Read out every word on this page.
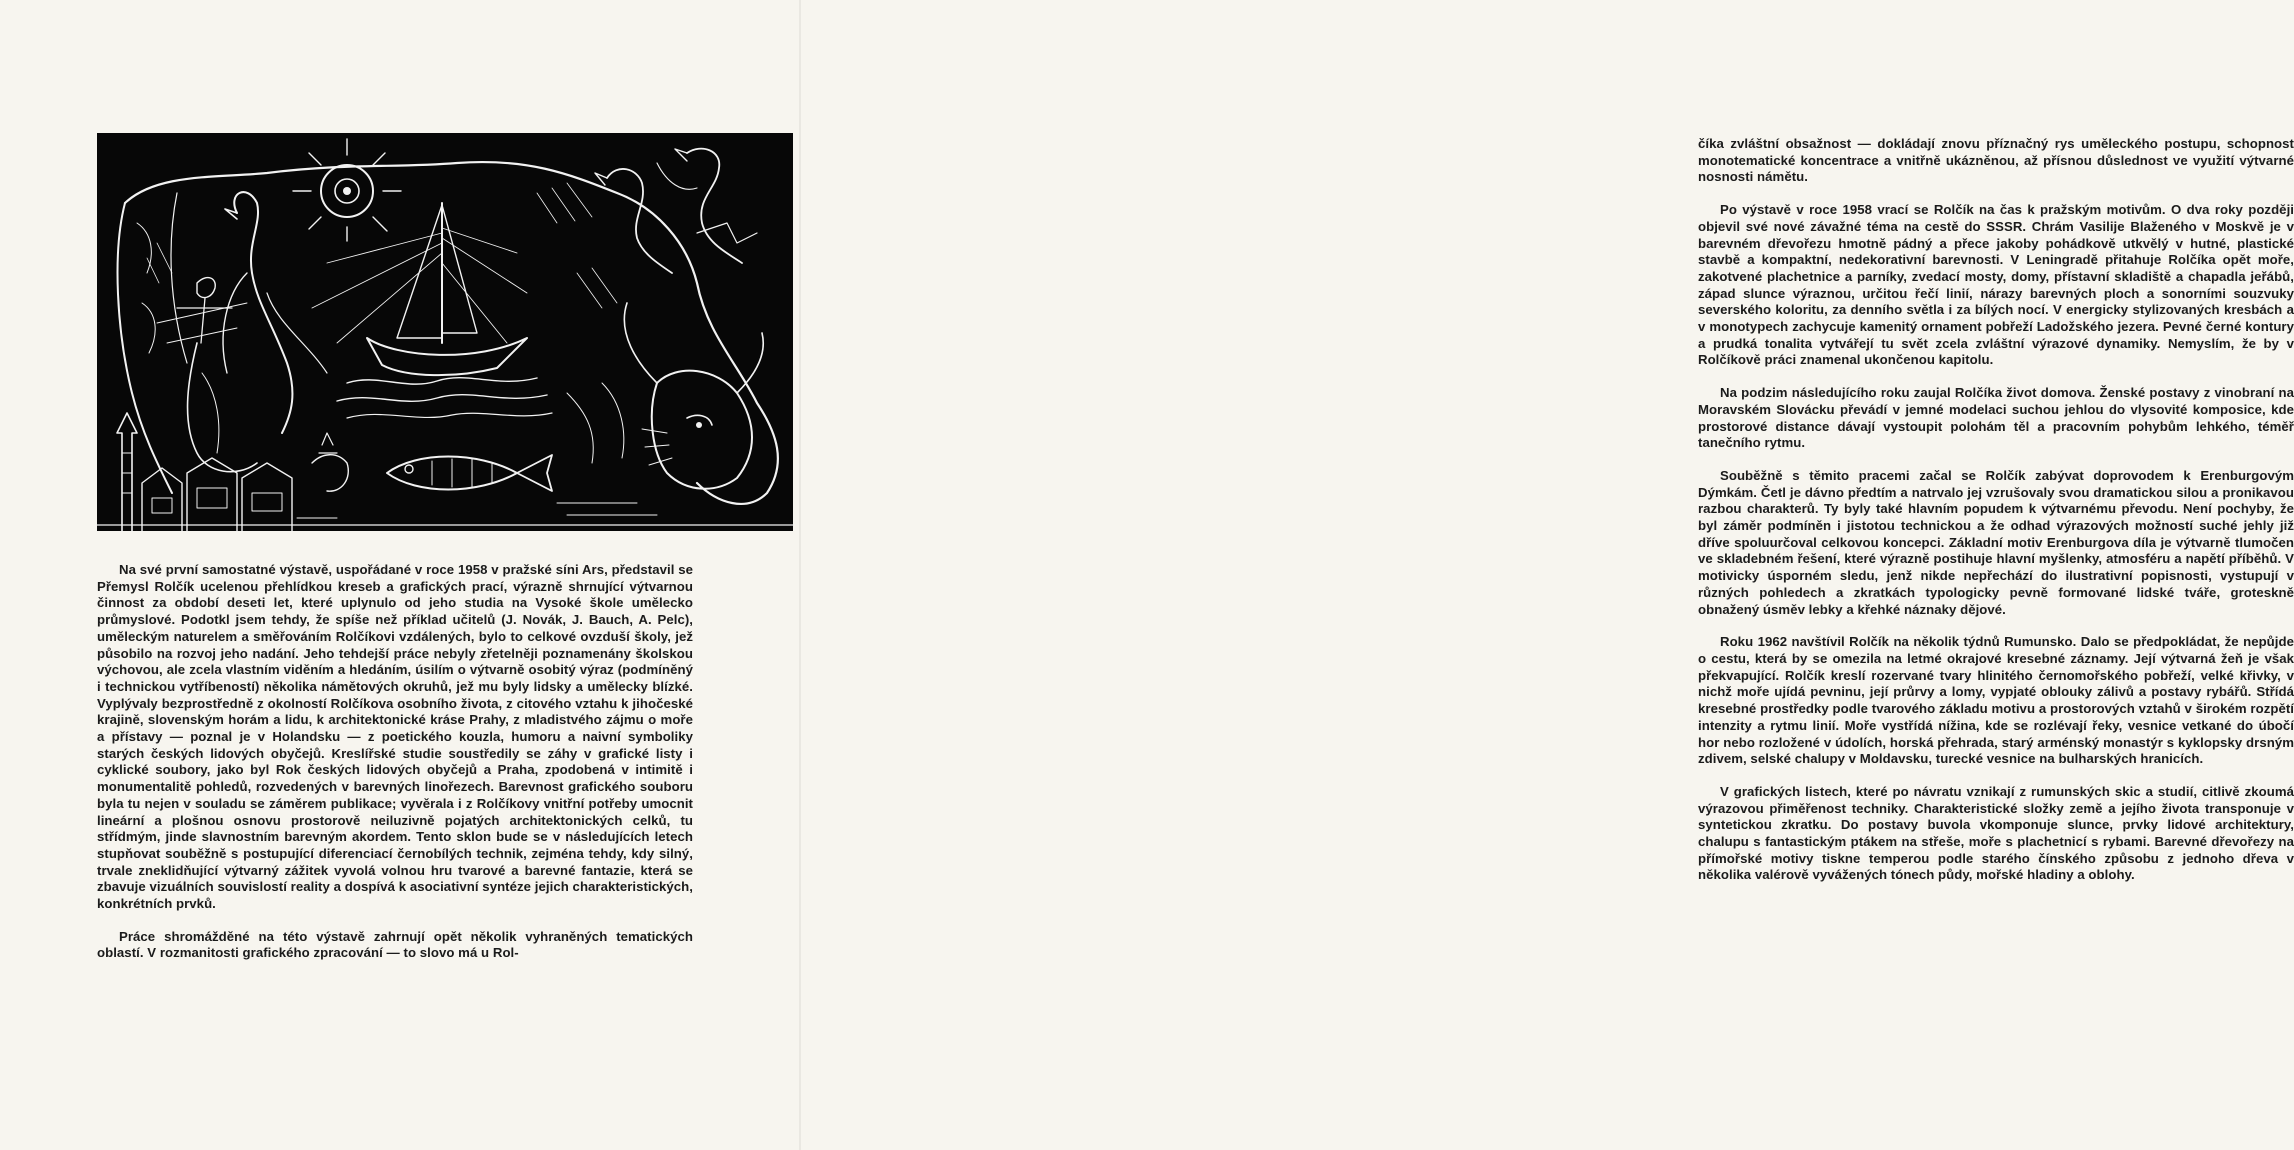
Na své první samostatné výstavě, uspořádané v roce 1958 v pražské síni Ars, představil se Přemysl Rolčík ucelenou přehlídkou kreseb a grafických prací, výrazně shrnující výtvarnou činnost za období deseti let, které uplynulo od jeho studia na Vysoké škole umělecko průmyslové. Podotkl jsem tehdy, že spíše než příklad učitelů (J. Novák, J. Bauch, A. Pelc), uměleckým naturelem a směřováním Rolčíkovi vzdálených, bylo to celkové ovzduší školy, jež působilo na rozvoj jeho nadání. Jeho tehdejší práce nebyly zřetelněji poznamenány školskou výchovou, ale zcela vlastním viděním a hledáním, úsilím o výtvarně osobitý výraz (podmíněný i technickou vytříbeností) několika námětových okruhů, jež mu byly lidsky a umělecky blízké. Vyplývaly bezprostředně z okolností Rolčíkova osobního života, z citového vztahu k jihočeské krajině, slovenským horám a lidu, k architektonické kráse Prahy, z mladistvého zájmu o moře a přístavy — poznal je v Holandsku — z poetického kouzla, humoru a naivní symboliky starých českých lidových obyčejů. Kreslířské studie soustředily se záhy v grafické listy i cyklické soubory, jako byl Rok českých lidových obyčejů a Praha, zpodobená v intimitě i monumentalitě pohledů, rozvedených v barevných linořezech. Barevnost grafického souboru byla tu nejen v souladu se záměrem publikace; vyvěrala i z Rolčíkovy vnitřní potřeby umocnit lineární a plošnou osnovu prostorově neiluzivně pojatých architektonických celků, tu střídmým, jinde slavnostním barevným akordem. Tento sklon bude se v následujících letech stupňovat souběžně s postupující diferenciací černobílých technik, zejména tehdy, kdy silný, trvale zneklidňující výtvarný zážitek vyvolá volnou hru tvarové a barevné fantazie, která se zbavuje vizuálních souvislostí reality a dospívá k asociativní syntéze jejich charakteristických, konkrétních prvků.

Práce shromážděné na této výstavě zahrnují opět několik vyhraněných tematických oblastí. V rozmanitosti grafického zpracování — to slovo má u Rol-

číka zvláštní obsažnost — dokládají znovu příznačný rys uměleckého postupu, schopnost monotematické koncentrace a vnitřně ukázněnou, až přísnou důslednost ve využití výtvarné nosnosti námětu.

Po výstavě v roce 1958 vrací se Rolčík na čas k pražským motivům. O dva roky později objevil své nové závažné téma na cestě do SSSR. Chrám Vasilije Blaženého v Moskvě je v barevném dřevořezu hmotně pádný a přece jakoby pohádkově utkvělý v hutné, plastické stavbě a kompaktní, nedekorativní barevnosti. V Leningradě přitahuje Rolčíka opět moře, zakotvené plachetnice a parníky, zvedací mosty, domy, přístavní skladiště a chapadla jeřábů, západ slunce výraznou, určitou řečí linií, nárazy barevných ploch a sonorními souzvuky severského koloritu, za denního světla i za bílých nocí. V energicky stylizovaných kresbách a v monotypech zachycuje kamenitý ornament pobřeží Ladožského jezera. Pevné černé kontury a prudká tonalita vytvářejí tu svět zcela zvláštní výrazové dynamiky. Nemyslím, že by v Rolčíkově práci znamenal ukončenou kapitolu.

Na podzim následujícího roku zaujal Rolčíka život domova. Ženské postavy z vinobraní na Moravském Slovácku převádí v jemné modelaci suchou jehlou do vlysovité komposice, kde prostorové distance dávají vystoupit polohám těl a pracovním pohybům lehkého, téměř tanečního rytmu.

Souběžně s těmito pracemi začal se Rolčík zabývat doprovodem k Erenburgovým Dýmkám. Četl je dávno předtím a natrvalo jej vzrušovaly svou dramatickou silou a pronikavou razbou charakterů. Ty byly také hlavním popudem k výtvarnému převodu. Není pochyby, že byl záměr podmíněn i jistotou technickou a že odhad výrazových možností suché jehly již dříve spoluurčoval celkovou koncepci. Základní motiv Erenburgova díla je výtvarně tlumočen ve skladebném řešení, které výrazně postihuje hlavní myšlenky, atmosféru a napětí příběhů. V motivicky úsporném sledu, jenž nikde nepřechází do ilustrativní popisnosti, vystupují v různých pohledech a zkratkách typologicky pevně formované lidské tváře, groteskně obnažený úsměv lebky a křehké náznaky dějové.

Roku 1962 navštívil Rolčík na několik týdnů Rumunsko. Dalo se předpokládat, že nepůjde o cestu, která by se omezila na letmé okrajové kresebné záznamy. Její výtvarná žeň je však překvapující. Rolčík kreslí rozervané tvary hlinitého černomořského pobřeží, velké křivky, v nichž moře ujídá pevninu, její průrvy a lomy, vypjaté oblouky zálivů a postavy rybářů. Střídá kresebné prostředky podle tvarového základu motivu a prostorových vztahů v širokém rozpětí intenzity a rytmu linií. Moře vystřídá nížina, kde se rozlévají řeky, vesnice vetkané do úbočí hor nebo rozložené v údolích, horská přehrada, starý arménský monastýr s kyklopsky drsným zdivem, selské chalupy v Moldavsku, turecké vesnice na bulharských hranicích.

V grafických listech, které po návratu vznikají z rumunských skic a studií, citlivě zkoumá výrazovou přiměřenost techniky. Charakteristické složky země a jejího života transponuje v syntetickou zkratku. Do postavy buvola vkomponuje slunce, prvky lidové architektury, chalupu s fantastickým ptákem na střeše, moře s plachetnicí s rybami. Barevné dřevořezy na přímořské motivy tiskne temperou podle starého čínského způsobu z jednoho dřeva v několika valérově vyvážených tónech půdy, mořské hladiny a oblohy.
